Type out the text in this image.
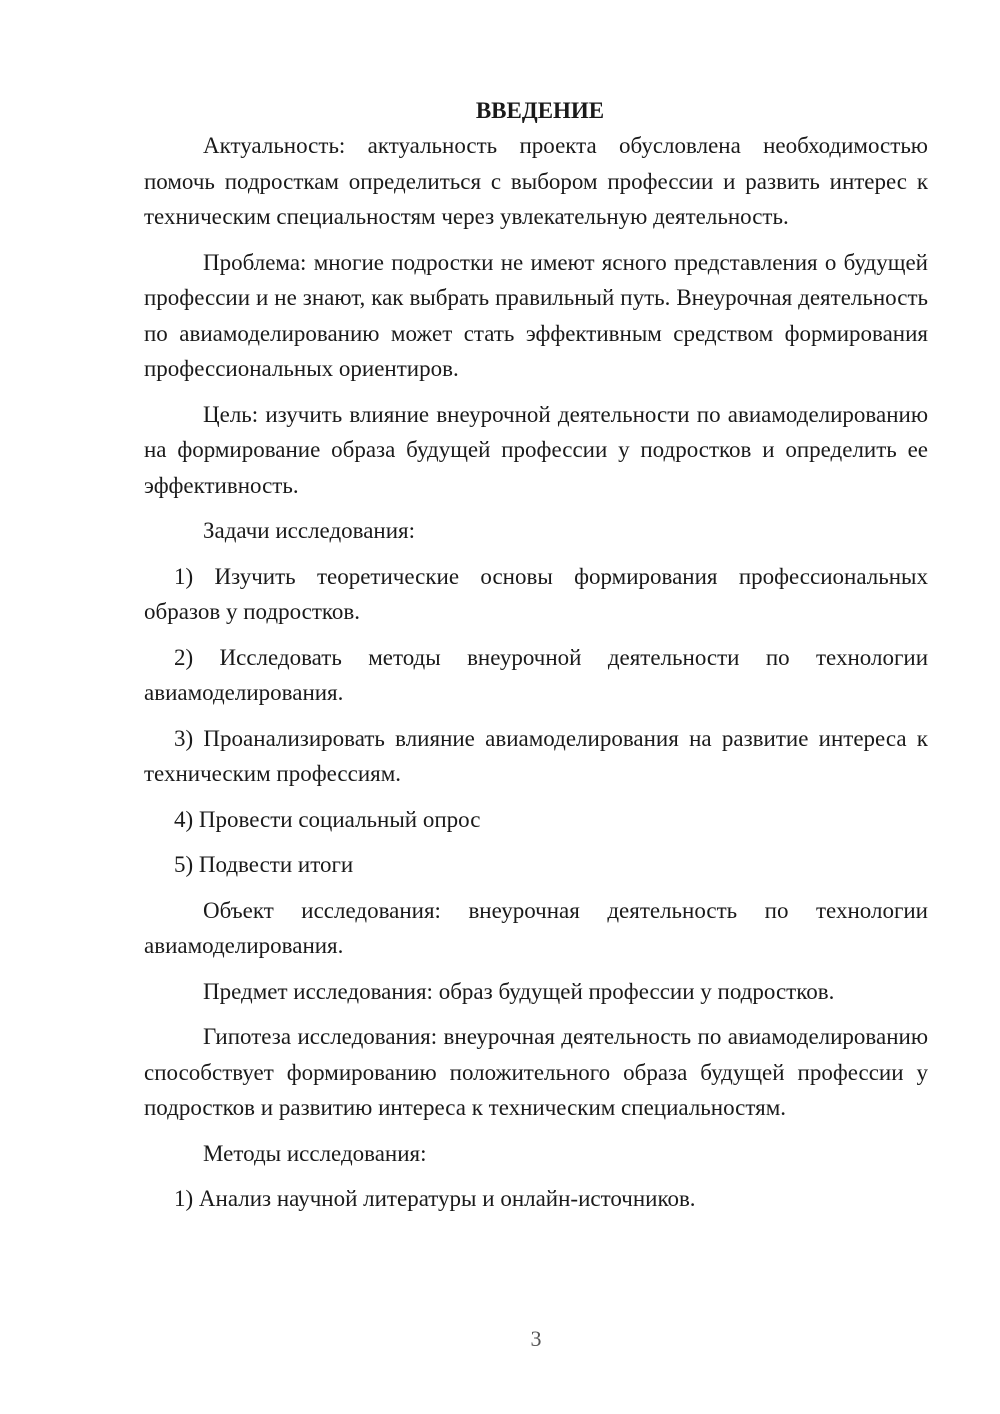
ВВЕДЕНИЕ

Актуальность: актуальность проекта обусловлена необходимостью помочь подросткам определиться с выбором профессии и развить интерес к техническим специальностям через увлекательную деятельность.

Проблема: многие подростки не имеют ясного представления о будущей профессии и не знают, как выбрать правильный путь. Внеурочная деятельность по авиамоделированию может стать эффективным средством формирования профессиональных ориентиров.

Цель: изучить влияние внеурочной деятельности по авиамоделированию на формирование образа будущей профессии у подростков и определить ее эффективность.

Задачи исследования:

1) Изучить теоретические основы формирования профессиональных образов у подростков.

2) Исследовать методы внеурочной деятельности по технологии авиамоделирования.

3) Проанализировать влияние авиамоделирования на развитие интереса к техническим профессиям.

4) Провести социальный опрос

5) Подвести итоги

Объект исследования: внеурочная деятельность по технологии авиамоделирования.

Предмет исследования: образ будущей профессии у подростков.

Гипотеза исследования: внеурочная деятельность по авиамоделированию способствует формированию положительного образа будущей профессии у подростков и развитию интереса к техническим специальностям.

Методы исследования:

1) Анализ научной литературы и онлайн-источников.

3
